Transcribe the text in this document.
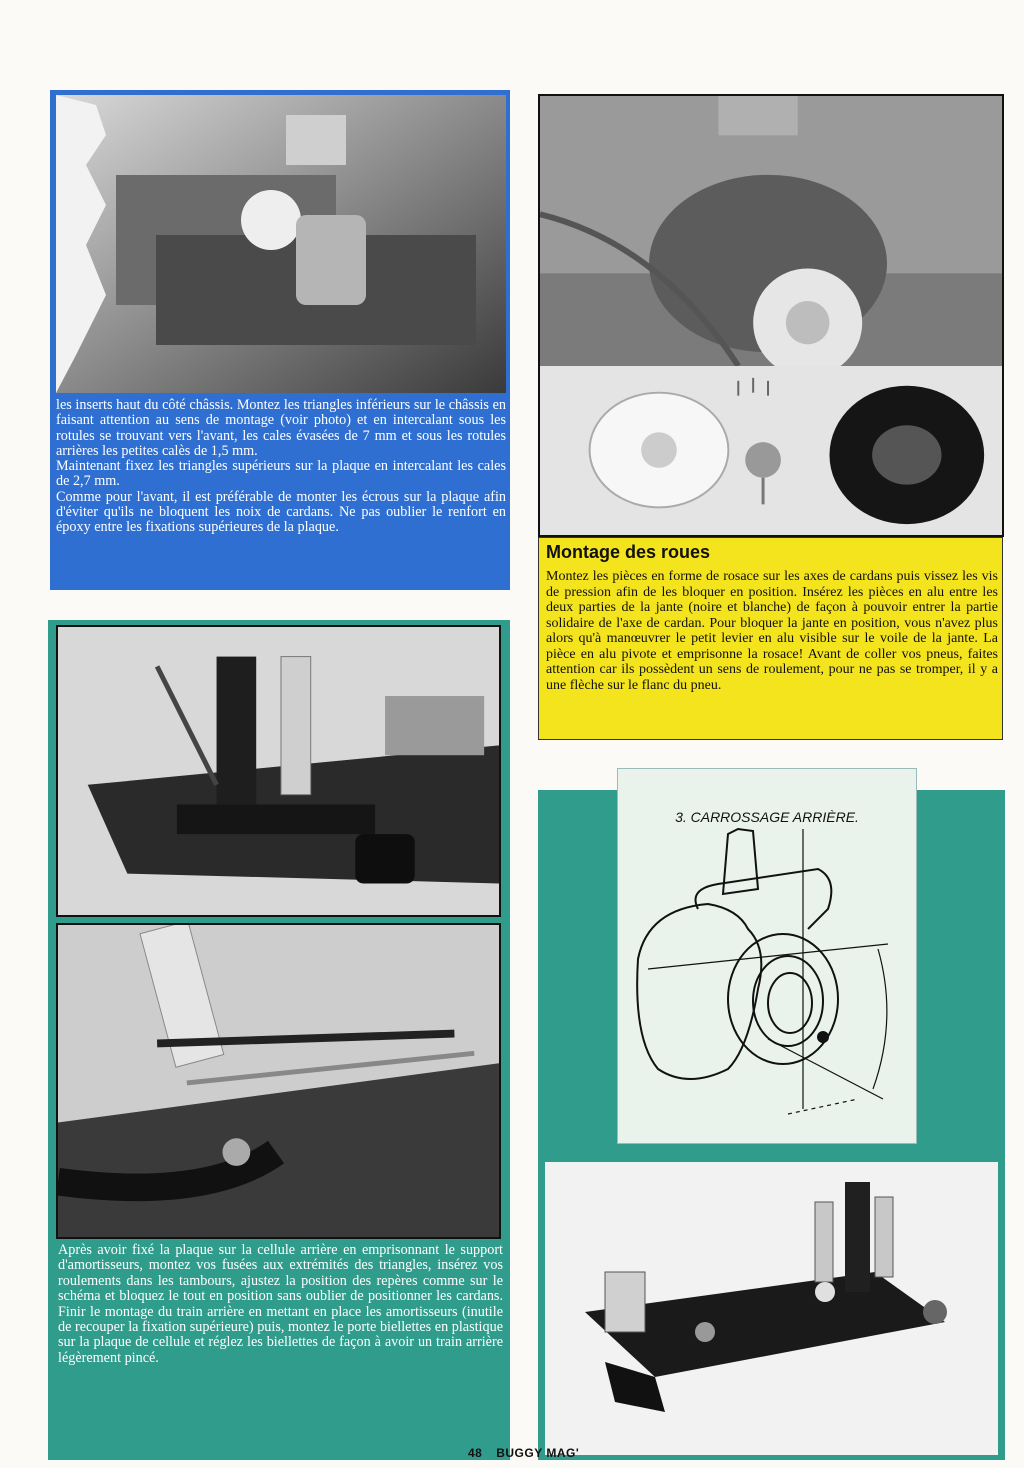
les inserts haut du côté châssis. Montez les triangles inférieurs sur le châssis en faisant attention au sens de montage (voir photo) et en intercalant sous les rotules se trouvant vers l'avant, les cales évasées de 7 mm et sous les rotules arrières les petites calès de 1,5 mm.

Maintenant fixez les triangles supérieurs sur la plaque en intercalant les cales de 2,7 mm.

Comme pour l'avant, il est préférable de monter les écrous sur la plaque afin d'éviter qu'ils ne bloquent les noix de cardans. Ne pas oublier le renfort en époxy entre les fixations supérieures de la plaque.

Montage des roues

Montez les pièces en forme de rosace sur les axes de cardans puis vissez les vis de pression afin de les bloquer en position. Insérez les pièces en alu entre les deux parties de la jante (noire et blanche) de façon à pouvoir entrer la partie solidaire de l'axe de cardan. Pour bloquer la jante en position, vous n'avez plus alors qu'à manœuvrer le petit levier en alu visible sur le voile de la jante. La pièce en alu pivote et emprisonne la rosace! Avant de coller vos pneus, faites attention car ils possèdent un sens de roulement, pour ne pas se tromper, il y a une flèche sur le flanc du pneu.

Après avoir fixé la plaque sur la cellule arrière en emprisonnant le support d'amortisseurs, montez vos fusées aux extrémités des triangles, insérez vos roulements dans les tambours, ajustez la position des repères comme sur le schéma et bloquez le tout en position sans oublier de positionner les cardans. Finir le montage du train arrière en mettant en place les amortisseurs (inutile de recouper la fixation supérieure) puis, montez le porte biellettes en plastique sur la plaque de cellule et réglez les biellettes de façon à avoir un train arrière légèrement pincé.

3. CARROSSAGE ARRIÈRE.
48 BUGGY MAG'
